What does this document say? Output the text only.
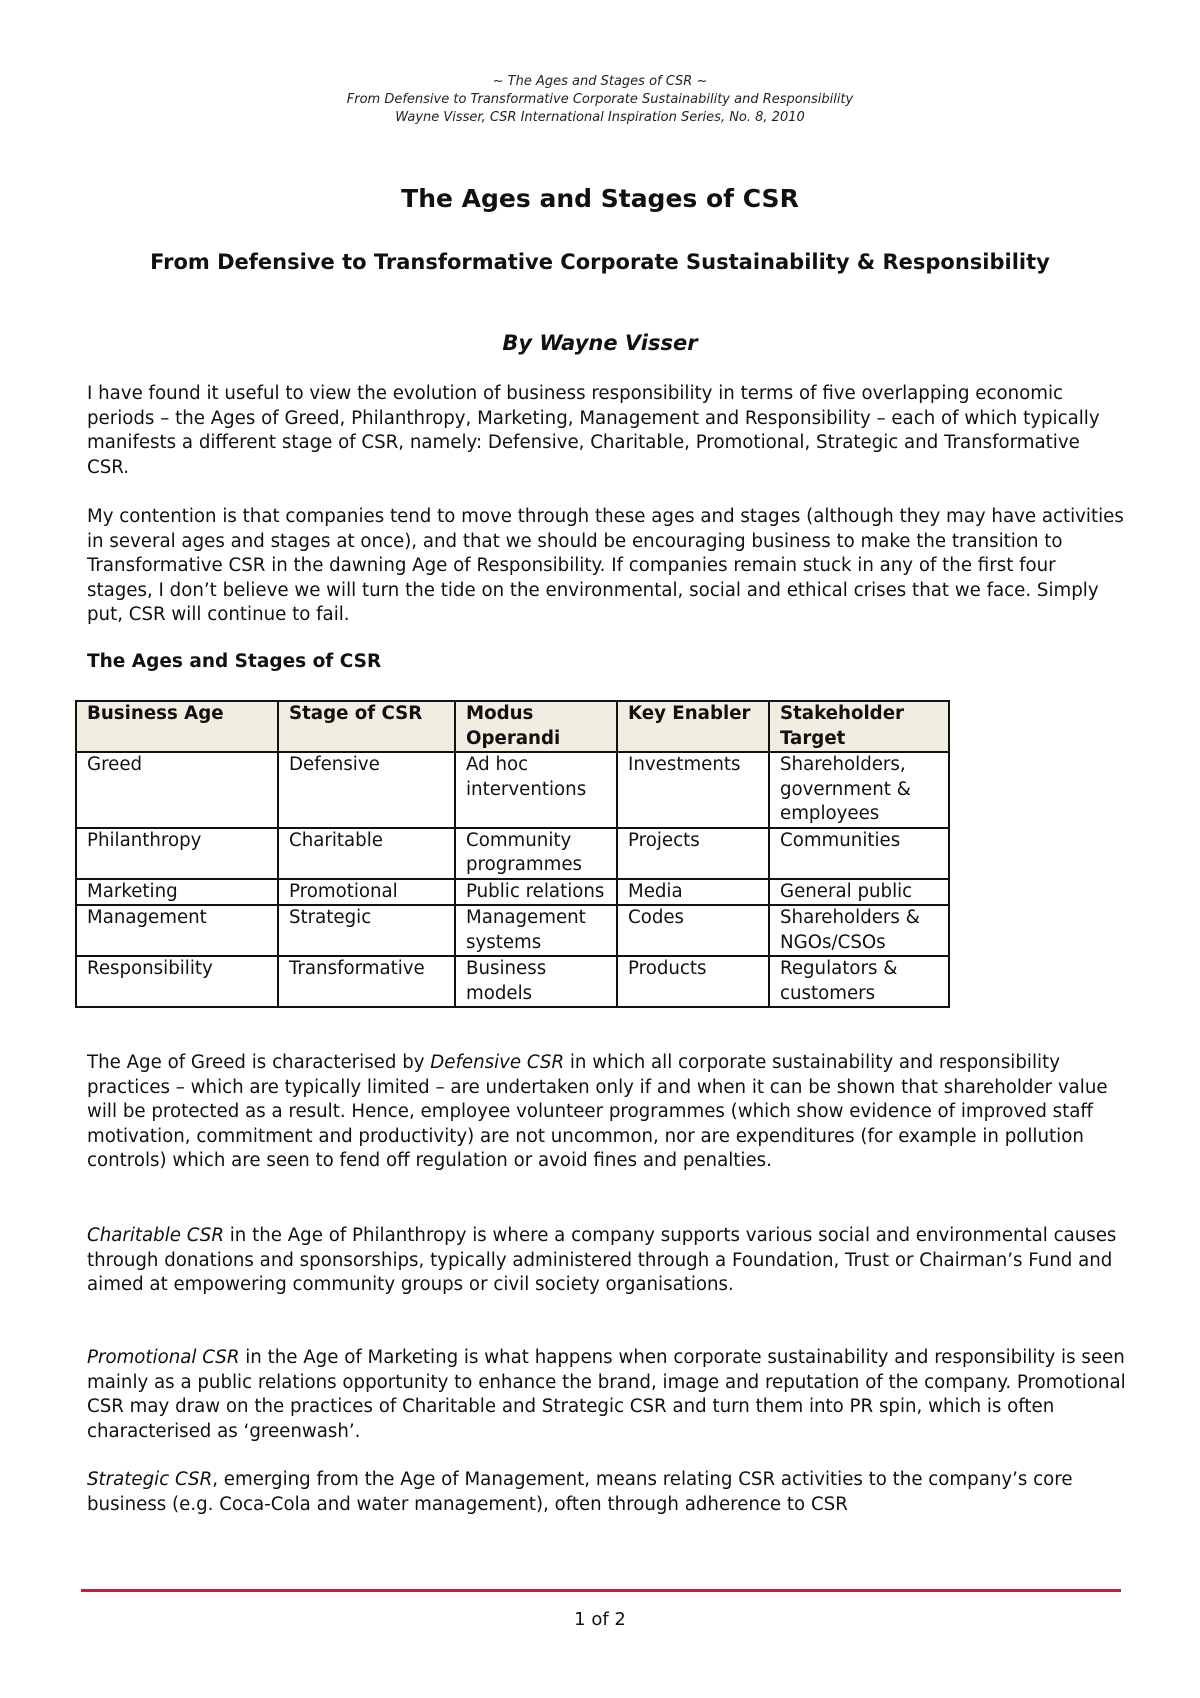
~ The Ages and Stages of CSR ~
From Defensive to Transformative Corporate Sustainability and Responsibility
Wayne Visser, CSR International Inspiration Series, No. 8, 2010
The Ages and Stages of CSR
From Defensive to Transformative Corporate Sustainability & Responsibility
By Wayne Visser

I have found it useful to view the evolution of business responsibility in terms of five overlapping economic periods – the Ages of Greed, Philanthropy, Marketing, Management and Responsibility – each of which typically manifests a different stage of CSR, namely: Defensive, Charitable, Promotional, Strategic and Transformative CSR.

My contention is that companies tend to move through these ages and stages (although they may have activities in several ages and stages at once), and that we should be encouraging business to make the transition to Transformative CSR in the dawning Age of Responsibility. If companies remain stuck in any of the first four stages, I don’t believe we will turn the tide on the environmental, social and ethical crises that we face. Simply put, CSR will continue to fail.

The Ages and Stages of CSR
Business Age	Stage of CSR	Modus Operandi	Key Enabler	Stakeholder Target
Greed	Defensive	Ad hoc interventions	Investments	Shareholders, government & employees
Philanthropy	Charitable	Community programmes	Projects	Communities
Marketing	Promotional	Public relations	Media	General public
Management	Strategic	Management systems	Codes	Shareholders & NGOs/CSOs
Responsibility	Transformative	Business models	Products	Regulators & customers

The Age of Greed is characterised by Defensive CSR in which all corporate sustainability and responsibility practices – which are typically limited – are undertaken only if and when it can be shown that shareholder value will be protected as a result. Hence, employee volunteer programmes (which show evidence of improved staff motivation, commitment and productivity) are not uncommon, nor are expenditures (for example in pollution controls) which are seen to fend off regulation or avoid fines and penalties.

Charitable CSR in the Age of Philanthropy is where a company supports various social and environmental causes through donations and sponsorships, typically administered through a Foundation, Trust or Chairman’s Fund and aimed at empowering community groups or civil society organisations.

Promotional CSR in the Age of Marketing is what happens when corporate sustainability and responsibility is seen mainly as a public relations opportunity to enhance the brand, image and reputation of the company. Promotional CSR may draw on the practices of Charitable and Strategic CSR and turn them into PR spin, which is often characterised as ‘greenwash’.

Strategic CSR, emerging from the Age of Management, means relating CSR activities to the company’s core business (e.g. Coca-Cola and water management), often through adherence to CSR

1 of 2
